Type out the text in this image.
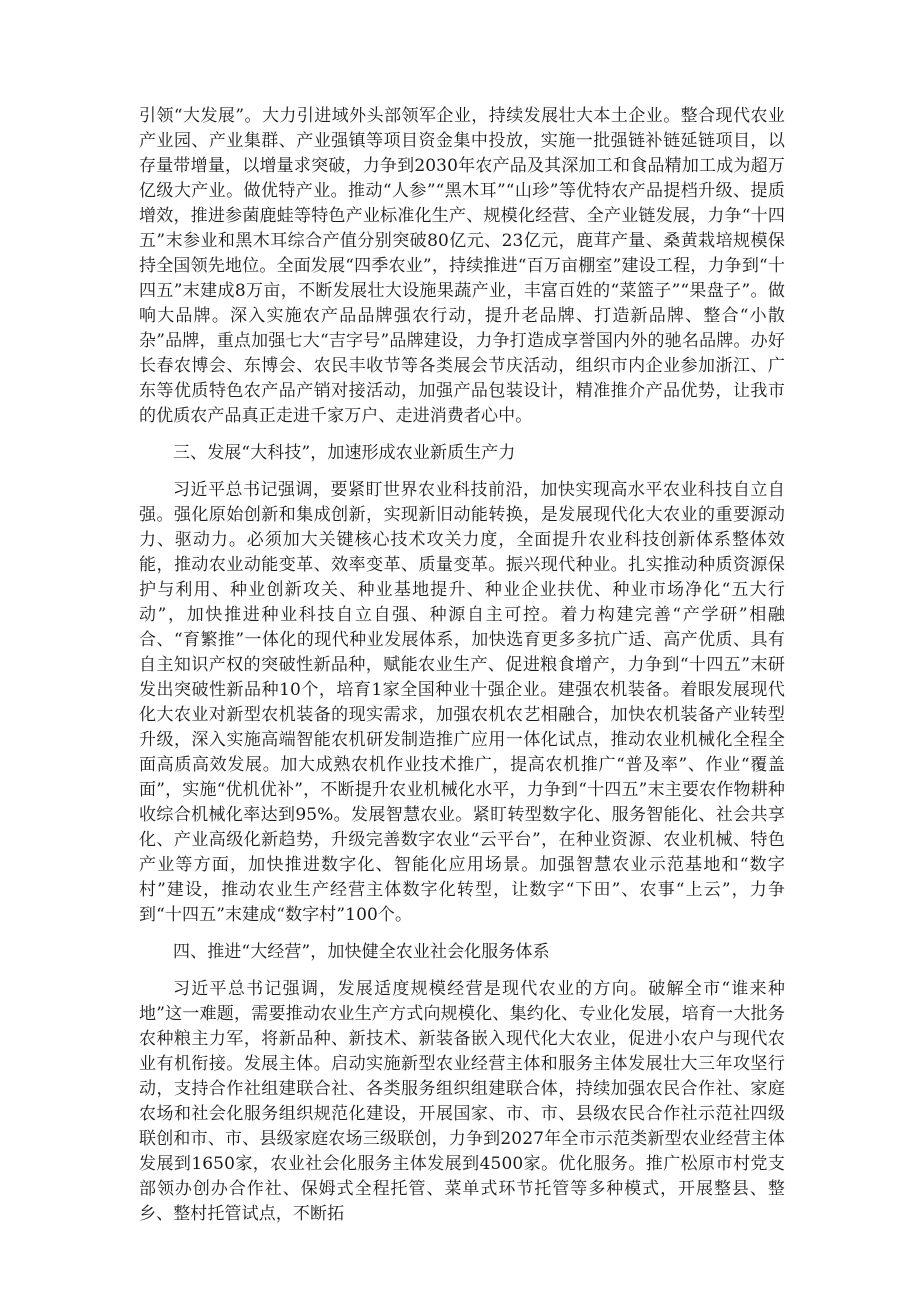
引领“大发展”。大力引进域外头部领军企业，持续发展壮大本土企业。整合现代农业产业园、产业集群、产业强镇等项目资金集中投放，实施一批强链补链延链项目，以存量带增量，以增量求突破，力争到2030年农产品及其深加工和食品精加工成为超万亿级大产业。做优特产业。推动“人参”“黑木耳”“山珍”等优特农产品提档升级、提质增效，推进参菌鹿蛙等特色产业标准化生产、规模化经营、全产业链发展，力争“十四五”末参业和黑木耳综合产值分别突破80亿元、23亿元，鹿茸产量、桑黄栽培规模保持全国领先地位。全面发展“四季农业”，持续推进“百万亩棚室”建设工程，力争到“十四五”末建成8万亩，不断发展壮大设施果蔬产业，丰富百姓的“菜篮子”“果盘子”。做响大品牌。深入实施农产品品牌强农行动，提升老品牌、打造新品牌、整合“小散杂”品牌，重点加强七大“吉字号”品牌建设，力争打造成享誉国内外的驰名品牌。办好长春农博会、东博会、农民丰收节等各类展会节庆活动，组织市内企业参加浙江、广东等优质特色农产品产销对接活动，加强产品包装设计，精准推介产品优势，让我市的优质农产品真正走进千家万户、走进消费者心中。

三、发展“大科技”，加速形成农业新质生产力

习近平总书记强调，要紧盯世界农业科技前沿，加快实现高水平农业科技自立自强。强化原始创新和集成创新，实现新旧动能转换，是发展现代化大农业的重要源动力、驱动力。必须加大关键核心技术攻关力度，全面提升农业科技创新体系整体效能，推动农业动能变革、效率变革、质量变革。振兴现代种业。扎实推动种质资源保护与利用、种业创新攻关、种业基地提升、种业企业扶优、种业市场净化“五大行动”，加快推进种业科技自立自强、种源自主可控。着力构建完善“产学研”相融合、“育繁推”一体化的现代种业发展体系，加快选育更多多抗广适、高产优质、具有自主知识产权的突破性新品种，赋能农业生产、促进粮食增产，力争到“十四五”末研发出突破性新品种10个，培育1家全国种业十强企业。建强农机装备。着眼发展现代化大农业对新型农机装备的现实需求，加强农机农艺相融合，加快农机装备产业转型升级，深入实施高端智能农机研发制造推广应用一体化试点，推动农业机械化全程全面高质高效发展。加大成熟农机作业技术推广，提高农机推广“普及率”、作业“覆盖面”，实施“优机优补”，不断提升农业机械化水平，力争到“十四五”末主要农作物耕种收综合机械化率达到95%。发展智慧农业。紧盯转型数字化、服务智能化、社会共享化、产业高级化新趋势，升级完善数字农业“云平台”，在种业资源、农业机械、特色产业等方面，加快推进数字化、智能化应用场景。加强智慧农业示范基地和“数字村”建设，推动农业生产经营主体数字化转型，让数字“下田”、农事“上云”，力争到“十四五”末建成“数字村”100个。

四、推进“大经营”，加快健全农业社会化服务体系

习近平总书记强调，发展适度规模经营是现代农业的方向。破解全市“谁来种地”这一难题，需要推动农业生产方式向规模化、集约化、专业化发展，培育一大批务农种粮主力军，将新品种、新技术、新装备嵌入现代化大农业，促进小农户与现代农业有机衔接。发展主体。启动实施新型农业经营主体和服务主体发展壮大三年攻坚行动，支持合作社组建联合社、各类服务组织组建联合体，持续加强农民合作社、家庭农场和社会化服务组织规范化建设，开展国家、市、市、县级农民合作社示范社四级联创和市、市、县级家庭农场三级联创，力争到2027年全市示范类新型农业经营主体发展到1650家，农业社会化服务主体发展到4500家。优化服务。推广松原市村党支部领办创办合作社、保姆式全程托管、菜单式环节托管等多种模式，开展整县、整乡、整村托管试点，不断拓
